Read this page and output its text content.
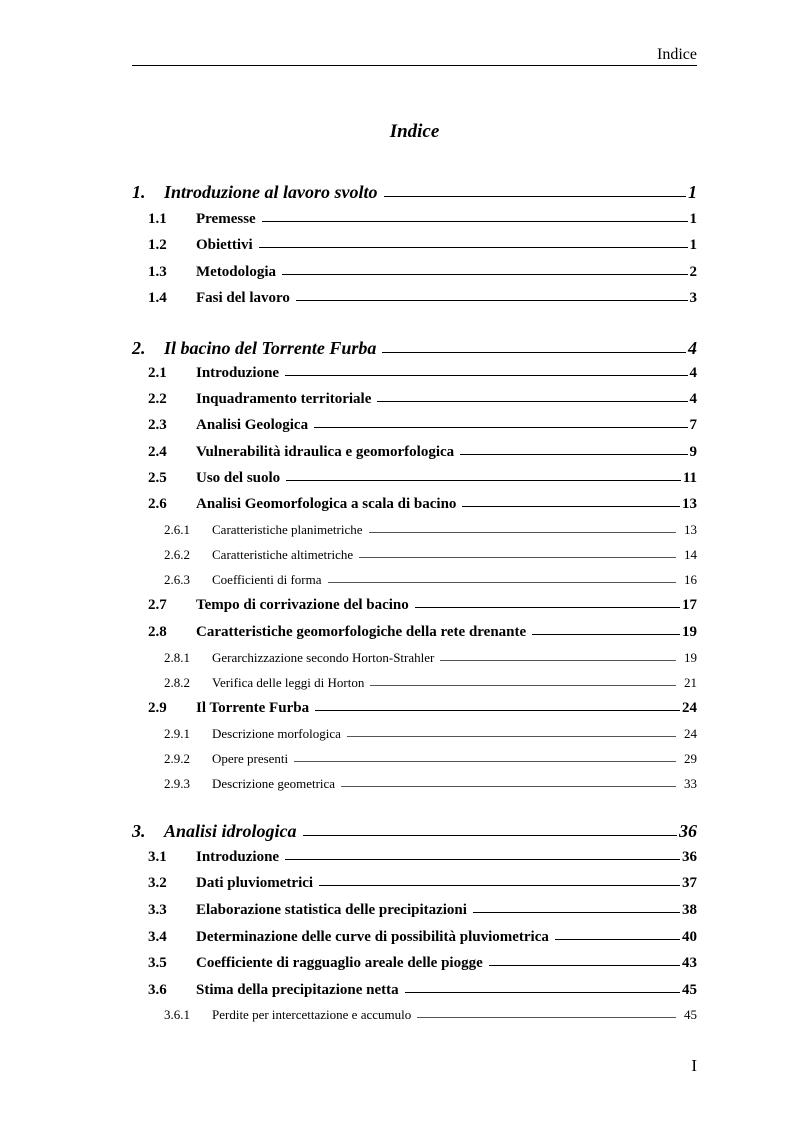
Indice
Indice
1.	Introduzione al lavoro svolto	1
1.1	Premesse	1
1.2	Obiettivi	1
1.3	Metodologia	2
1.4	Fasi del lavoro	3
2.	Il bacino del Torrente Furba	4
2.1	Introduzione	4
2.2	Inquadramento territoriale	4
2.3	Analisi Geologica	7
2.4	Vulnerabilità idraulica e geomorfologica	9
2.5	Uso del suolo	11
2.6	Analisi Geomorfologica a scala di bacino	13
2.6.1	Caratteristiche planimetriche	13
2.6.2	Caratteristiche altimetriche	14
2.6.3	Coefficienti di forma	16
2.7	Tempo di corrivazione del bacino	17
2.8	Caratteristiche geomorfologiche della rete drenante	19
2.8.1	Gerarchizzazione secondo Horton-Strahler	19
2.8.2	Verifica delle leggi di Horton	21
2.9	Il Torrente Furba	24
2.9.1	Descrizione morfologica	24
2.9.2	Opere presenti	29
2.9.3	Descrizione geometrica	33
3.	Analisi idrologica	36
3.1	Introduzione	36
3.2	Dati pluviometrici	37
3.3	Elaborazione statistica delle precipitazioni	38
3.4	Determinazione delle curve di possibilità pluviometrica	40
3.5	Coefficiente di ragguaglio areale delle piogge	43
3.6	Stima della precipitazione netta	45
3.6.1	Perdite per intercettazione e accumulo	45
I
